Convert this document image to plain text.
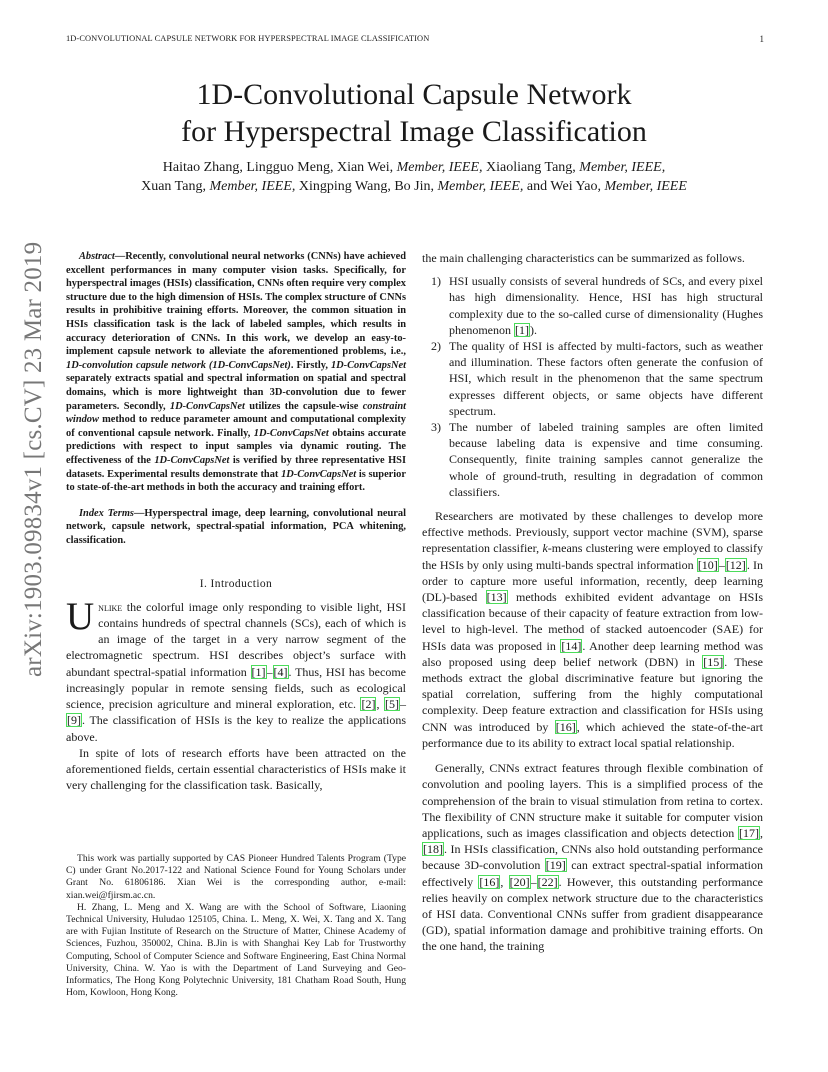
1D-CONVOLUTIONAL CAPSULE NETWORK FOR HYPERSPECTRAL IMAGE CLASSIFICATION	1
1D-Convolutional Capsule Network
for Hyperspectral Image Classification
Haitao Zhang, Lingguo Meng, Xian Wei, Member, IEEE, Xiaoliang Tang, Member, IEEE,
Xuan Tang, Member, IEEE, Xingping Wang, Bo Jin, Member, IEEE, and Wei Yao, Member, IEEE
arXiv:1903.09834v1 [cs.CV] 23 Mar 2019	Abstract—Recently, convolutional neural networks (CNNs) have achieved excellent performances in many computer vision tasks. Specifically, for hyperspectral images (HSIs) classification, CNNs often require very complex structure due to the high dimension of HSIs. The complex structure of CNNs results in prohibitive training efforts. Moreover, the common situation in HSIs classification task is the lack of labeled samples, which results in accuracy deterioration of CNNs. In this work, we develop an easy-to-implement capsule network to alleviate the aforementioned problems, i.e., 1D-convolution capsule network (1D-ConvCapsNet). Firstly, 1D-ConvCapsNet separately extracts spatial and spectral information on spatial and spectral domains, which is more lightweight than 3D-convolution due to fewer parameters. Secondly, 1D-ConvCapsNet utilizes the capsule-wise constraint window method to reduce parameter amount and computational complexity of conventional capsule network. Finally, 1D-ConvCapsNet obtains accurate predictions with respect to input samples via dynamic routing. The effectiveness of the 1D-ConvCapsNet is verified by three representative HSI datasets. Experimental results demonstrate that 1D-ConvCapsNet is superior to state-of-the-art methods in both the accuracy and training effort.

Index Terms—Hyperspectral image, deep learning, convolutional neural network, capsule network, spectral-spatial information, PCA whitening, classification.

I. Introduction

Unlike the colorful image only responding to visible light, HSI contains hundreds of spectral channels (SCs), each of which is an image of the target in a very narrow segment of the electromagnetic spectrum. HSI describes object’s surface with abundant spectral-spatial information [1]–[4]. Thus, HSI has become increasingly popular in remote sensing fields, such as ecological science, precision agriculture and mineral exploration, etc. [2], [5]–[9]. The classification of HSIs is the key to realize the applications above.

In spite of lots of research efforts have been attracted on the aforementioned fields, certain essential characteristics of HSIs make it very challenging for the classification task. Basically,

This work was partially supported by CAS Pioneer Hundred Talents Program (Type C) under Grant No.2017-122 and National Science Found for Young Scholars under Grant No. 61806186. Xian Wei is the corresponding author, e-mail: xian.wei@fjirsm.ac.cn.

H. Zhang, L. Meng and X. Wang are with the School of Software, Liaoning Technical University, Huludao 125105, China. L. Meng, X. Wei, X. Tang and X. Tang are with Fujian Institute of Research on the Structure of Matter, Chinese Academy of Sciences, Fuzhou, 350002, China. B.Jin is with Shanghai Key Lab for Trustworthy Computing, School of Computer Science and Software Engineering, East China Normal University, China. W. Yao is with the Department of Land Surveying and Geo-Informatics, The Hong Kong Polytechnic University, 181 Chatham Road South, Hung Hom, Kowloon, Hong Kong.

the main challenging characteristics can be summarized as follows.

1) HSI usually consists of several hundreds of SCs, and every pixel has high dimensionality. Hence, HSI has high structural complexity due to the so-called curse of dimensionality (Hughes phenomenon [1]).
2) The quality of HSI is affected by multi-factors, such as weather and illumination. These factors often generate the confusion of HSI, which result in the phenomenon that the same spectrum expresses different objects, or same objects have different spectrum.
3) The number of labeled training samples are often limited because labeling data is expensive and time consuming. Consequently, finite training samples cannot generalize the whole of ground-truth, resulting in degradation of common classifiers.

Researchers are motivated by these challenges to develop more effective methods. Previously, support vector machine (SVM), sparse representation classifier, k-means clustering were employed to classify the HSIs by only using multi-bands spectral information [10]–[12]. In order to capture more useful information, recently, deep learning (DL)-based [13] methods exhibited evident advantage on HSIs classification because of their capacity of feature extraction from low-level to high-level. The method of stacked autoencoder (SAE) for HSIs data was proposed in [14]. Another deep learning method was also proposed using deep belief network (DBN) in [15]. These methods extract the global discriminative feature but ignoring the spatial correlation, suffering from the highly computational complexity. Deep feature extraction and classification for HSIs using CNN was introduced by [16], which achieved the state-of-the-art performance due to its ability to extract local spatial relationship.

Generally, CNNs extract features through flexible combination of convolution and pooling layers. This is a simplified process of the comprehension of the brain to visual stimulation from retina to cortex. The flexibility of CNN structure make it suitable for computer vision applications, such as images classification and objects detection [17], [18]. In HSIs classification, CNNs also hold outstanding performance because 3D-convolution [19] can extract spectral-spatial information effectively [16], [20]–[22]. However, this outstanding performance relies heavily on complex network structure due to the characteristics of HSI data. Conventional CNNs suffer from gradient disappearance (GD), spatial information damage and prohibitive training efforts. On the one hand, the training
